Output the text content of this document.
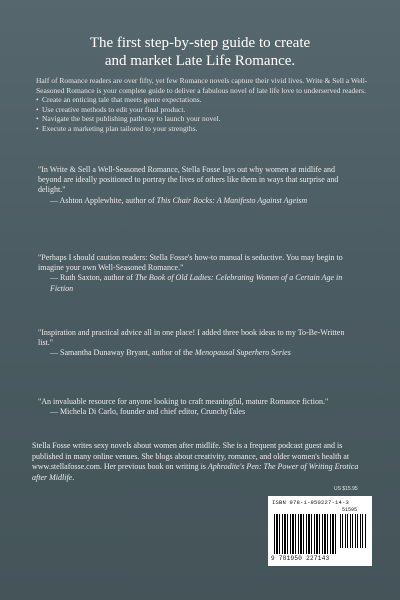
The first step-by-step guide to create
and market Late Life Romance.
Half of Romance readers are over fifty, yet few Romance novels capture their vivid lives. Write & Sell a Well-Seasoned Romance is your complete guide to deliver a fabulous novel of late life love to underserved readers.
• Create an enticing tale that meets genre expectations.
• Use creative methods to edit your final product.
• Navigate the best publishing pathway to launch your novel.
• Execute a marketing plan tailored to your strengths.
"In Write & Sell a Well-Seasoned Romance, Stella Fosse lays out why women at midlife and beyond are ideally positioned to portray the lives of others like them in ways that surprise and delight."
— Ashton Applewhite, author of This Chair Rocks: A Manifesto Against Ageism
"Perhaps I should caution readers: Stella Fosse's how-to manual is seductive. You may begin to imagine your own Well-Seasoned Romance."
— Ruth Saxton, author of The Book of Old Ladies: Celebrating Women of a Certain Age in Fiction
"Inspiration and practical advice all in one place! I added three book ideas to my To-Be-Written list."
— Samantha Dunaway Bryant, author of the Menopausal Superhero Series
"An invaluable resource for anyone looking to craft meaningful, mature Romance fiction."
— Michela Di Carlo, founder and chief editor, CrunchyTales
Stella Fosse writes sexy novels about women after midlife. She is a frequent podcast guest and is published in many online venues. She blogs about creativity, romance, and older women's health at www.stellafosse.com. Her previous book on writing is Aphrodite's Pen: The Power of Writing Erotica after Midlife.
US $15.95
ISBN 978-1-950227-14-3
51595
9 781950 227143
